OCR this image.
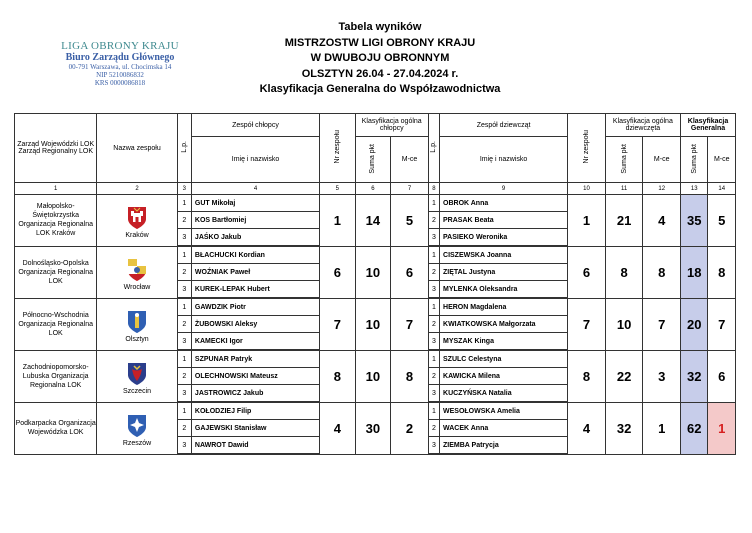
LIGA OBRONY KRAJU
Biuro Zarządu Głównego
00-791 Warszawa, ul. Chocimska 14
NIP 5210086832
KRS 0000086818
Tabela wyników
MISTRZOSTW LIGI OBRONY KRAJU
W DWUBOJU OBRONNYM
OLSZTYN 26.04 - 27.04.2024 r.
Klasyfikacja Generalna do Współzawodnictwa
Zarząd Wojewódzki LOK
Zarząd Regionalny LOK	Nazwa zespołu	L.p.	Zespół chłopcy	Nr zespołu	Klasyfikacja ogólna chłopcy		L.p.	Zespół dziewcząt	Nr zespołu	Klasyfikacja ogólna dziewczęta		Klasyfikacja Generalna	
			Imię i nazwisko		Suma pkt	M-ce		Imię i nazwisko		Suma pkt	M-ce	Suma pkt	M-ce
1	2	3	4	5	6	7	8	9	10	11	12	13	14
Małopolsko-Świętokrzystka Organizacja Regionalna LOK Kraków	Kraków	1	GUT Mikołaj	1	14	5	1	OBROK Anna	1	21	4	35	5
		2	KOS Bartłomiej				2	PRASAK Beata					
		3	JAŚKO Jakub				3	PASIEKO Weronika					
Dolnośląsko-Opolska Organizacja Regionalna LOK	Wrocław	1	BŁACHUCKI Kordian	6	10	6	1	CISZEWSKA Joanna	6	8	8	18	8
		2	WOŹNIAK Paweł				2	ZIĘTAL Justyna					
		3	KUREK-LEPAK Hubert				3	MYLENKA Oleksandra					
Północno-Wschodnia Organizacja Regionalna LOK	Olsztyn	1	GAWDZIK Piotr	7	10	7	1	HERON Magdalena	7	10	7	20	7
		2	ŻUBOWSKI Aleksy				2	KWIATKOWSKA Małgorzata					
		3	KAMECKI Igor				3	MYSZAK Kinga					
Zachodniopomorsko-Lubuska Organizacja Regionalna LOK	Szczecin	1	SZPUNAR Patryk	8	10	8	1	SZULC Celestyna	8	22	3	32	6
		2	OLECHNOWSKI Mateusz				2	KAWICKA Milena					
		3	JASTROWICZ Jakub				3	KUCZYŃSKA Natalia					
Podkarpacka Organizacja Wojewódzka LOK	Rzeszów	1	KOŁODZIEJ Filip	4	30	2	1	WESOŁOWSKA Amelia	4	32	1	62	1
		2	GAJEWSKI Stanisław				2	WACEK Anna					
		3	NAWROT Dawid				3	ZIEMBA Patrycja					
